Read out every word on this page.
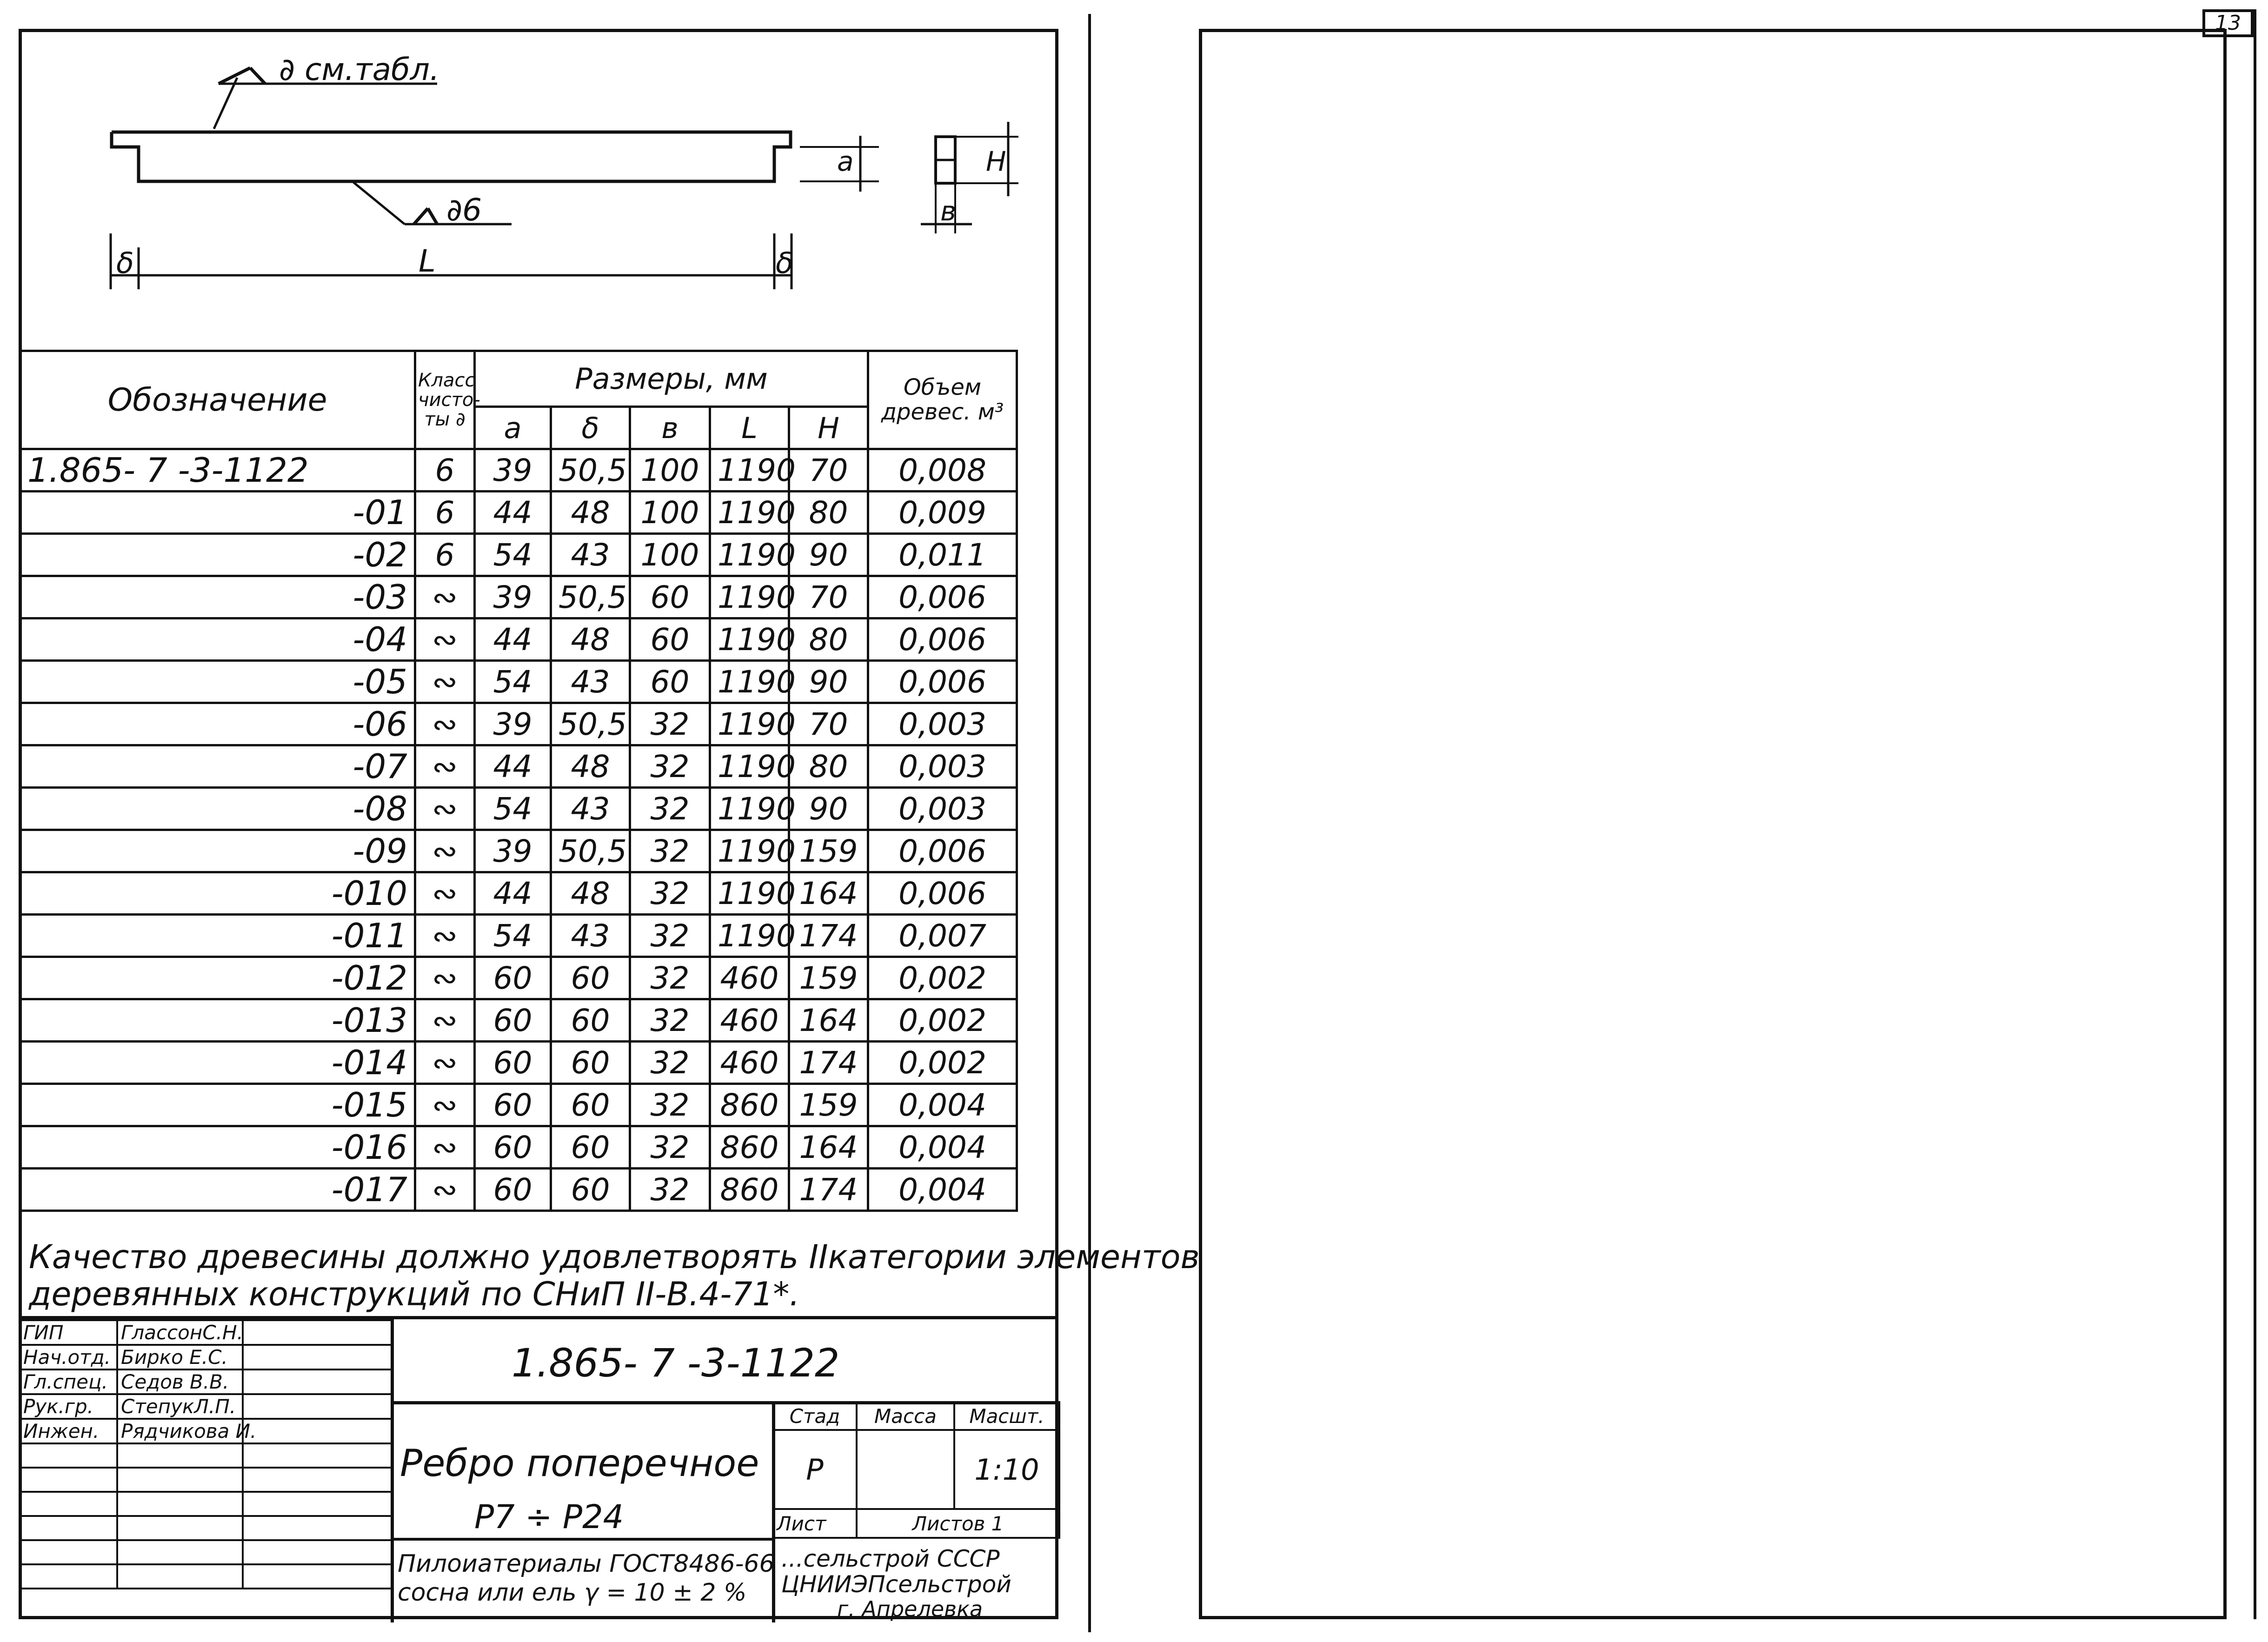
∂ см.табл.
∂6
δ	L	δ
a	H
в
Обозначение	Класс чисто- ты ∂	Размеры, мм					Объем древес. м³
		a	δ	в	L	H	
1.865- 7 -3-1122	6	39	50,5	100	1190	70	0,008
-01	6	44	48	100	1190	80	0,009
-02	6	54	43	100	1190	90	0,011
-03	∾	39	50,5	60	1190	70	0,006
-04	∾	44	48	60	1190	80	0,006
-05	∾	54	43	60	1190	90	0,006
-06	∾	39	50,5	32	1190	70	0,003
-07	∾	44	48	32	1190	80	0,003
-08	∾	54	43	32	1190	90	0,003
-09	∾	39	50,5	32	1190	159	0,006
-010	∾	44	48	32	1190	164	0,006
-011	∾	54	43	32	1190	174	0,007
-012	∾	60	60	32	460	159	0,002
-013	∾	60	60	32	460	164	0,002
-014	∾	60	60	32	460	174	0,002
-015	∾	60	60	32	860	159	0,004
-016	∾	60	60	32	860	164	0,004
-017	∾	60	60	32	860	174	0,004
Качество древесины должно удовлетворять ІІкатегории элементов
деревянных конструкций по СНиП ІІ-В.4-71*.
ГИП	ГлассонС.Н.	
Нач.отд.	Бирко Е.С.	
Гл.спец.	Седов В.В.	
Рук.гр.	СтепукЛ.П.	
Инжен.	Рядчикова И.	

1.865- 7 -3-1122
Ребро поперечное
Р7 ÷ Р24
Пилоиатериалы ГОСТ8486-66
сосна или ель γ = 10 ± 2 %
Стад	Масса	Масшт.
Р		1:10
Лист	Листов 1	
...сельстрой СССР
ЦНИИЭПсельстрой
г. Апрелевка
13
